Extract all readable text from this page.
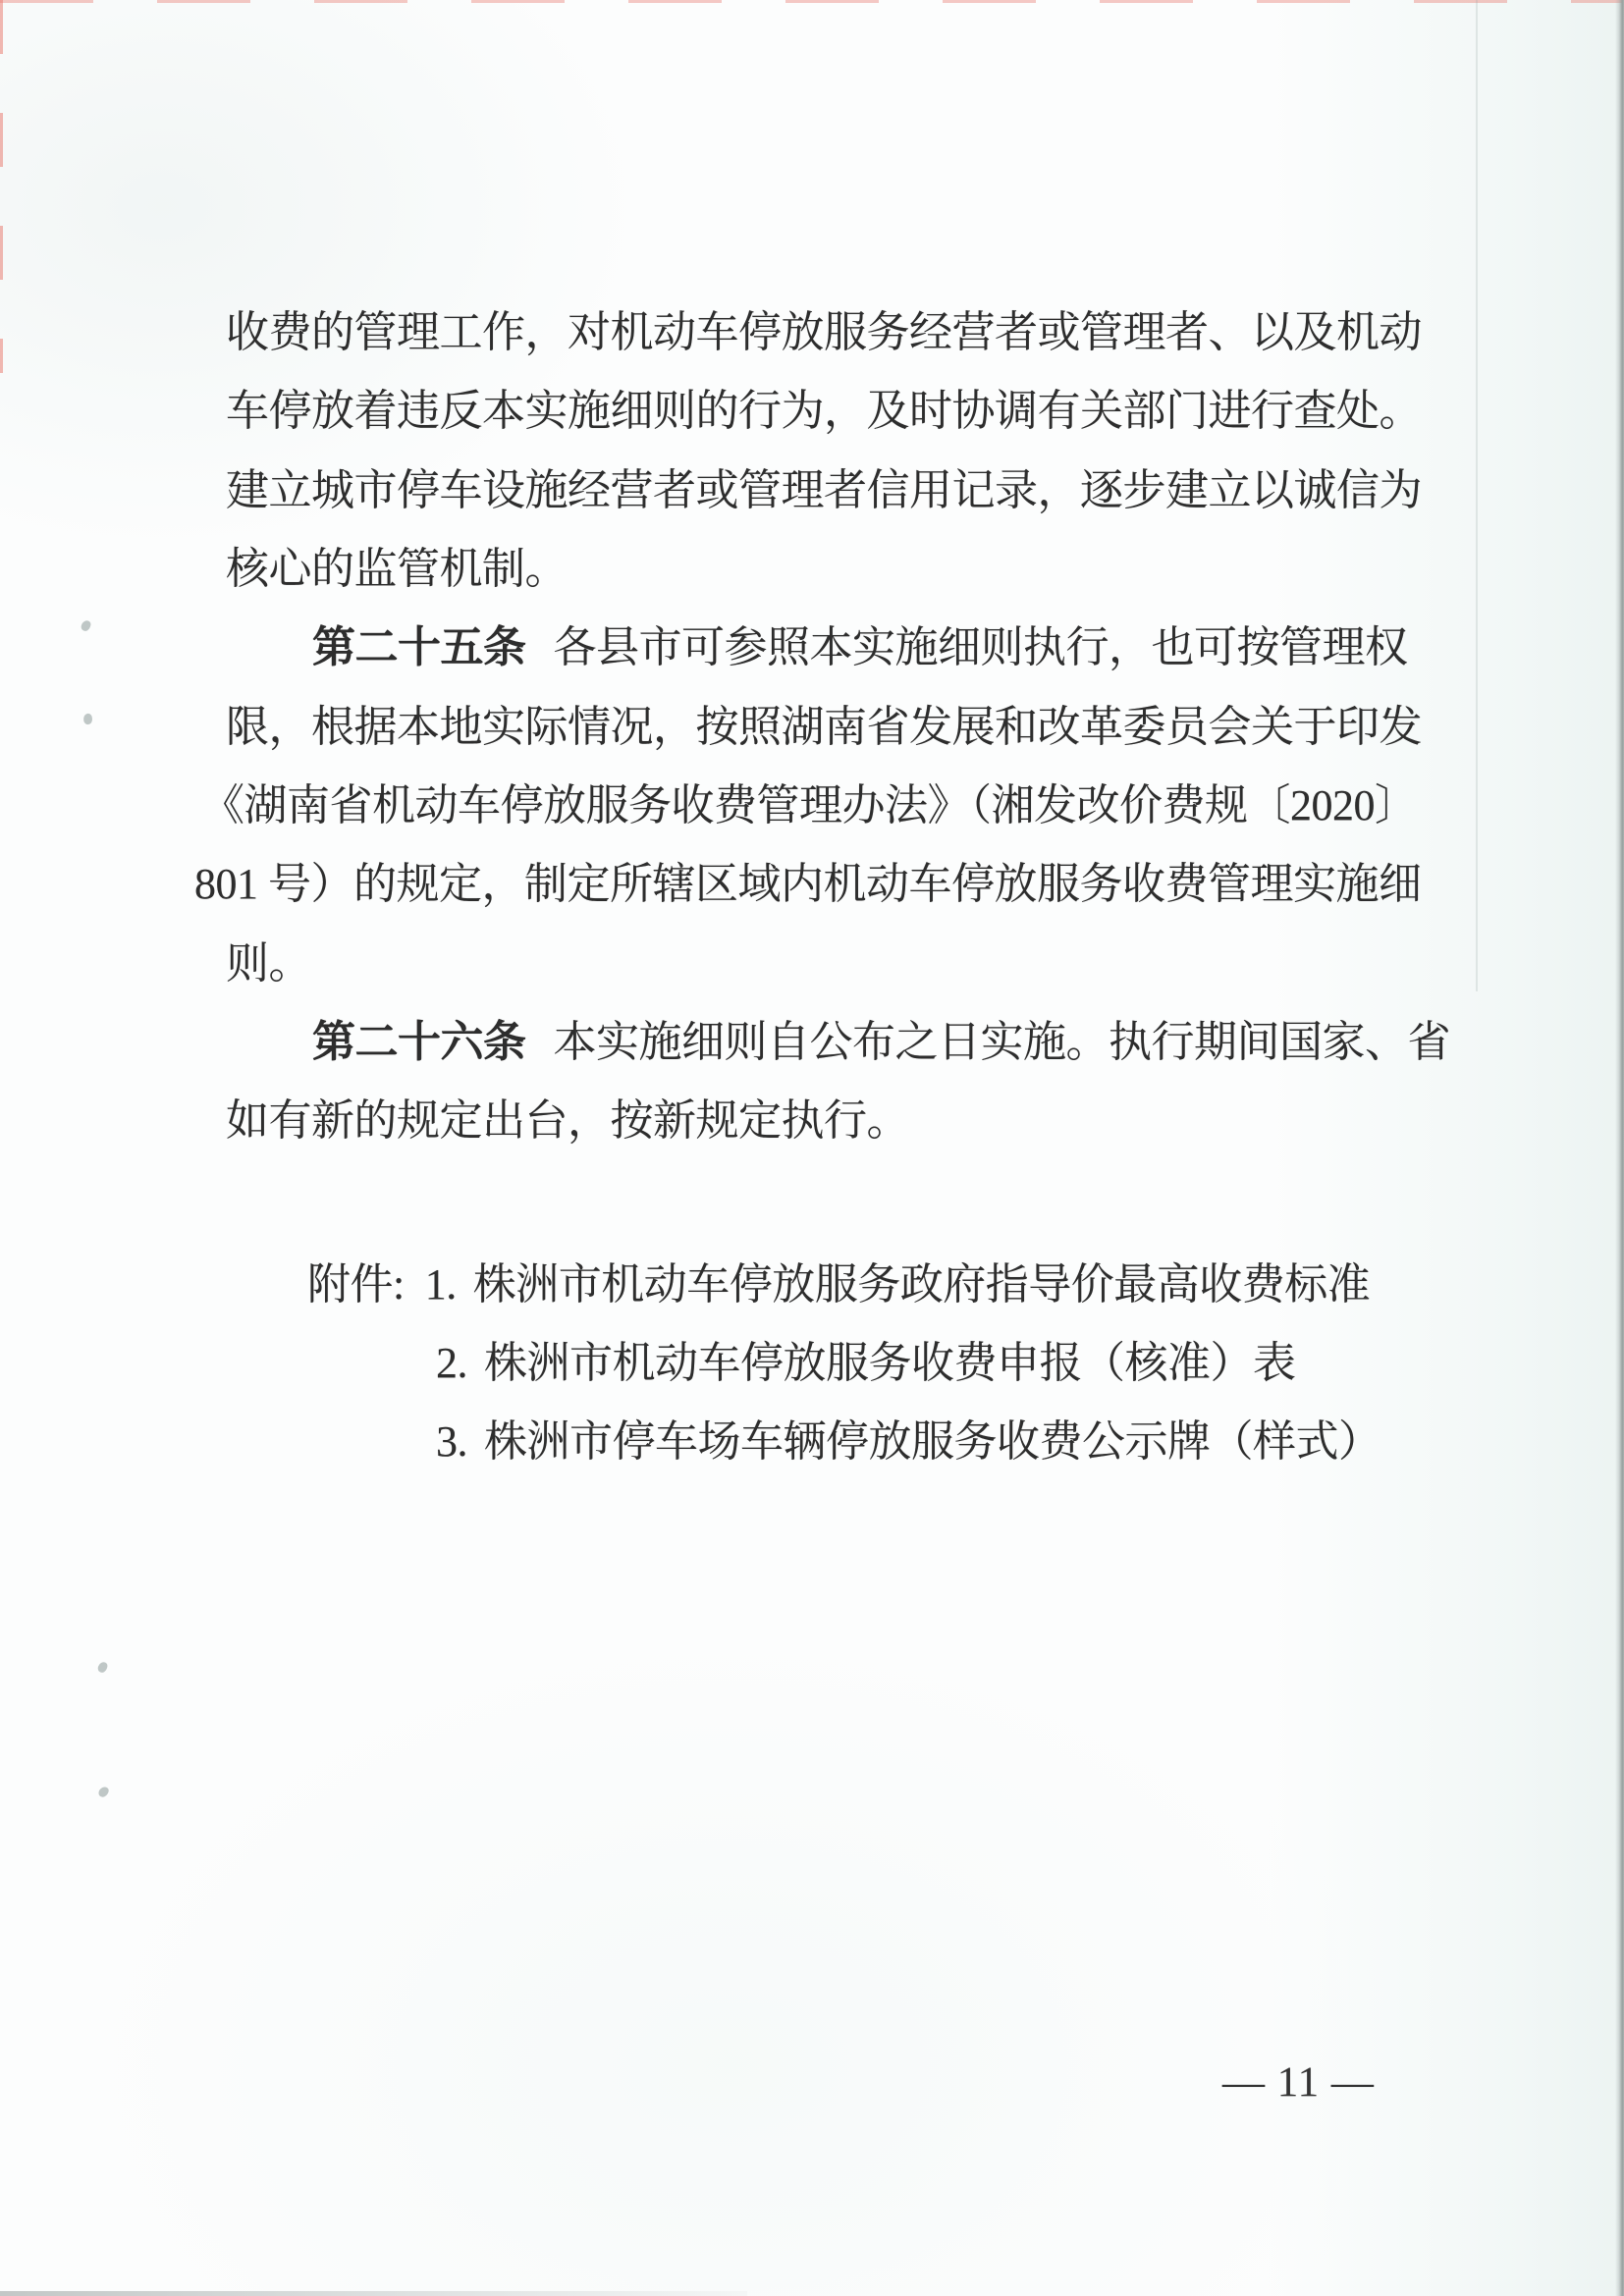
收费的管理工作，对机动车停放服务经营者或管理者、以及机动

车停放着违反本实施细则的行为，及时协调有关部门进行查处。

建立城市停车设施经营者或管理者信用记录，逐步建立以诚信为

核心的监管机制。

第二十五条 各县市可参照本实施细则执行，也可按管理权

限，根据本地实际情况，按照湖南省发展和改革委员会关于印发

《湖南省机动车停放服务收费管理办法》（湘发改价费规〔2020〕

801 号）的规定，制定所辖区域内机动车停放服务收费管理实施细

则。

第二十六条 本实施细则自公布之日实施。执行期间国家、省

如有新的规定出台，按新规定执行。

附件: 1. 株洲市机动车停放服务政府指导价最高收费标准

2. 株洲市机动车停放服务收费申报（核准）表

3. 株洲市停车场车辆停放服务收费公示牌（样式）

— 11 —
